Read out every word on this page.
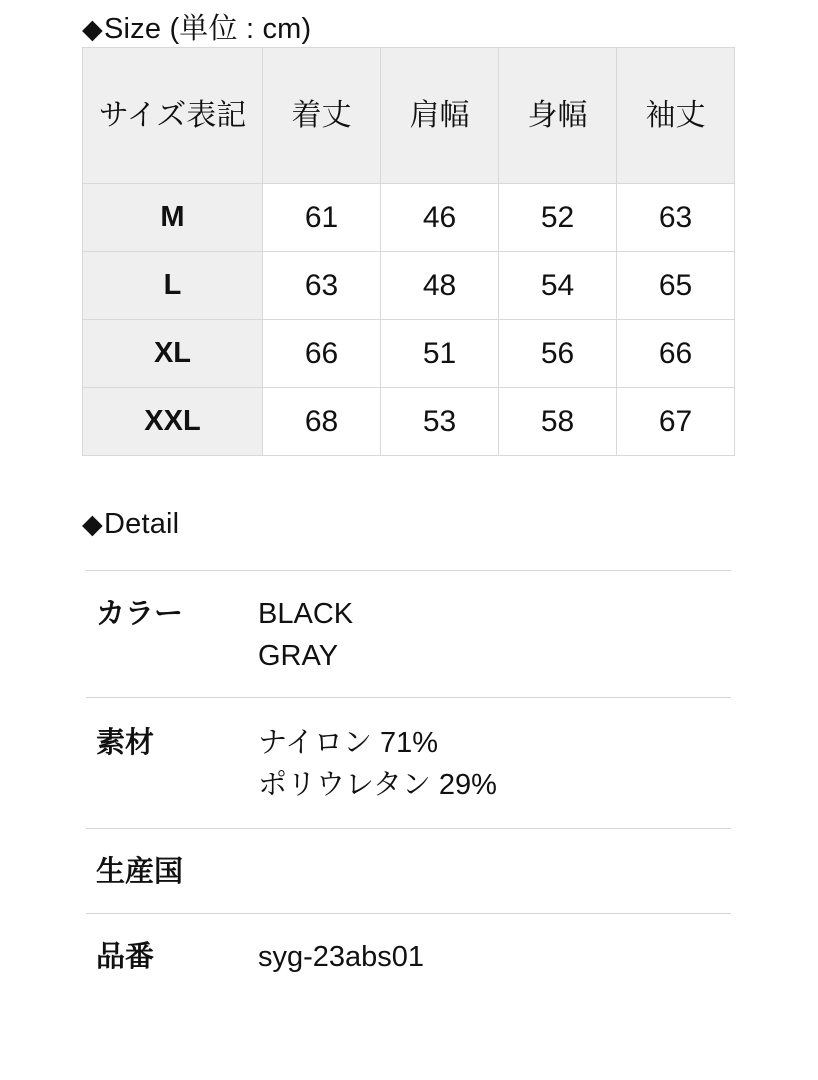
◆ Size (単位 : cm)
サイズ表記	着丈	肩幅	身幅	袖丈
M	61	46	52	63
L	63	48	54	65
XL	66	51	56	66
XXL	68	53	58	67
◆ Detail
カラー	BLACK
GRAY
素材	ナイロン 71%
ポリウレタン 29%
生産国
品番	syg-23abs01
